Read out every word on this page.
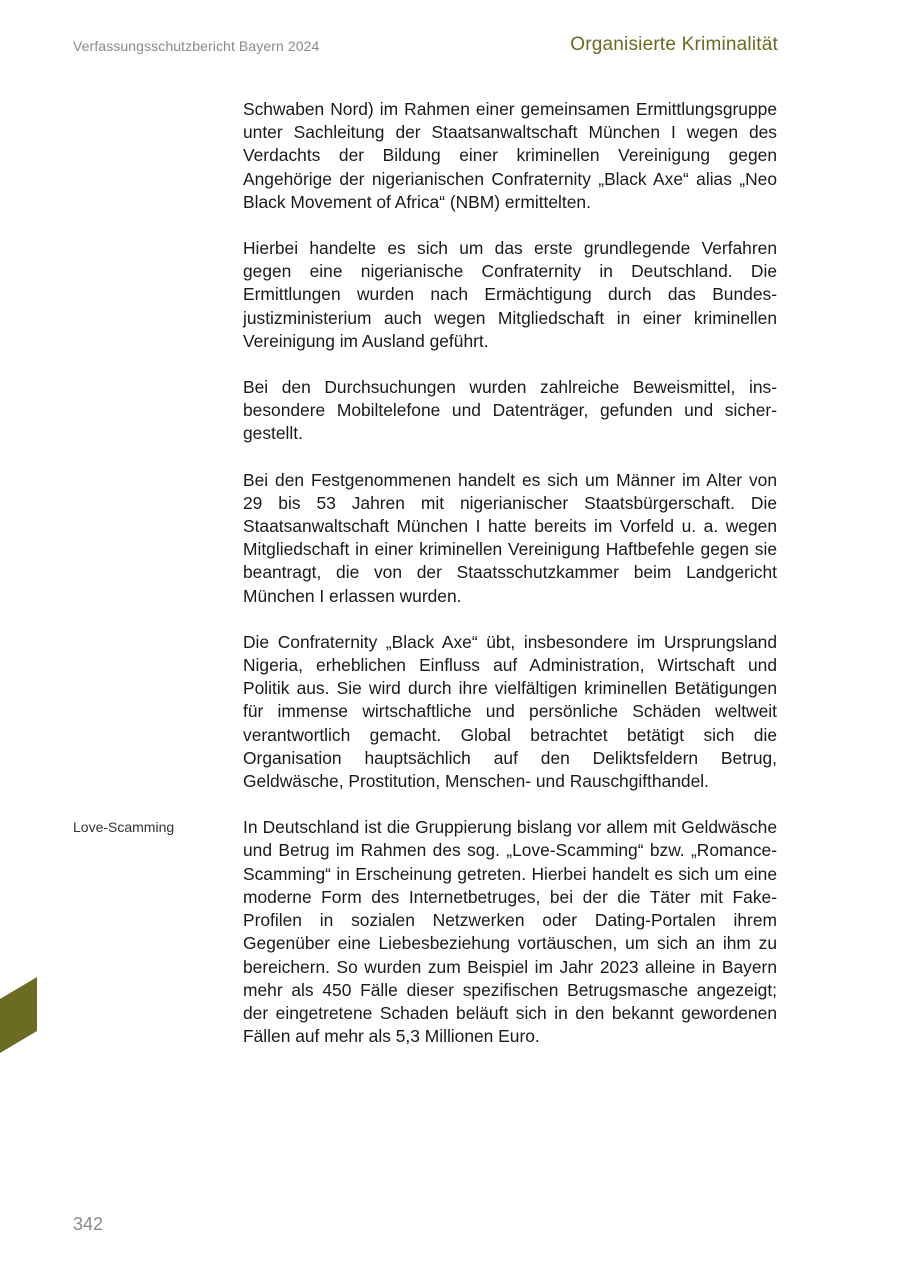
Verfassungsschutzbericht Bayern 2024	Organisierte Kriminalität
Love-Scamming

Schwaben Nord) im Rahmen einer gemeinsamen Ermittlungsgruppe unter Sachleitung der Staatsanwaltschaft München I wegen des Verdachts der Bildung einer kriminellen Vereinigung gegen Angehörige der nigerianischen Confraternity „Black Axe“ alias „Neo Black Movement of Africa“ (NBM) ermittelten.

Hierbei handelte es sich um das erste grundlegende Verfahren gegen eine nigerianische Confraternity in Deutschland. Die Ermittlungen wurden nach Ermächtigung durch das Bundesjustizministerium auch wegen Mitgliedschaft in einer kriminellen Vereinigung im Ausland geführt.

Bei den Durchsuchungen wurden zahlreiche Beweismittel, insbesondere Mobiltelefone und Datenträger, gefunden und sichergestellt.

Bei den Festgenommenen handelt es sich um Männer im Alter von 29 bis 53 Jahren mit nigerianischer Staatsbürgerschaft. Die Staatsanwaltschaft München I hatte bereits im Vorfeld u. a. wegen Mitgliedschaft in einer kriminellen Vereinigung Haftbefehle gegen sie beantragt, die von der Staatsschutzkammer beim Landgericht München I erlassen wurden.

Die Confraternity „Black Axe“ übt, insbesondere im Ursprungsland Nigeria, erheblichen Einfluss auf Administration, Wirtschaft und Politik aus. Sie wird durch ihre vielfältigen kriminellen Betätigungen für immense wirtschaftliche und persönliche Schäden weltweit verantwortlich gemacht. Global betrachtet betätigt sich die Organisation hauptsächlich auf den Deliktsfeldern Betrug, Geldwäsche, Prostitution, Menschen- und Rauschgifthandel.

In Deutschland ist die Gruppierung bislang vor allem mit Geldwäsche und Betrug im Rahmen des sog. „Love-Scamming“ bzw. „Romance-Scamming“ in Erscheinung getreten. Hierbei handelt es sich um eine moderne Form des Internetbetruges, bei der die Täter mit Fake-Profilen in sozialen Netzwerken oder Dating-Portalen ihrem Gegenüber eine Liebesbeziehung vortäuschen, um sich an ihm zu bereichern. So wurden zum Beispiel im Jahr 2023 alleine in Bayern mehr als 450 Fälle dieser spezifischen Betrugsmasche angezeigt; der eingetretene Schaden beläuft sich in den bekannt gewordenen Fällen auf mehr als 5,3 Millionen Euro.

342
